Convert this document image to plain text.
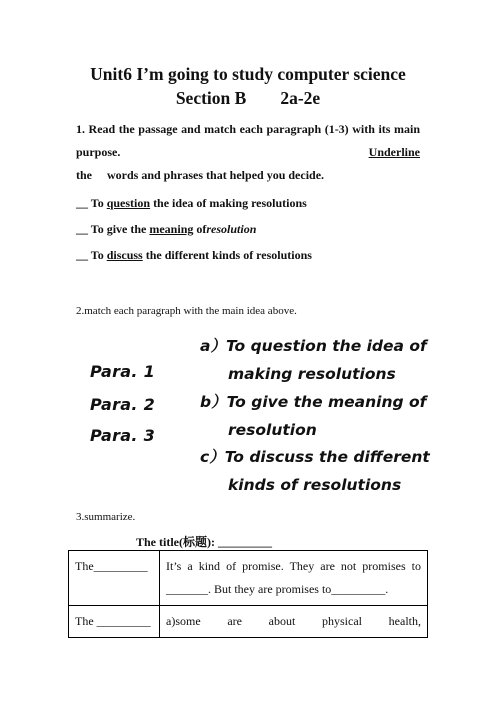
Unit6 I’m going to study computer science
Section B 2a-2e
1. Read the passage and match each paragraph (1-3) with its main purpose.	Underline the     words and phrases that helped you decide.
__ To question the idea of making resolutions
__ To give the meaning ofresolution
__ To discuss the different kinds of resolutions
2.match each paragraph with the main idea above.
Para. 1
Para. 2
Para. 3
a）To question the idea of
making resolutions
b）To give the meaning of
resolution
c）To discuss the different
kinds of resolutions
3.summarize.
The title(标题): _________
The_________	It’s a kind of promise. They are not promises to
_______. But they are promises to_________.

The _________	a)some are about physical health,
